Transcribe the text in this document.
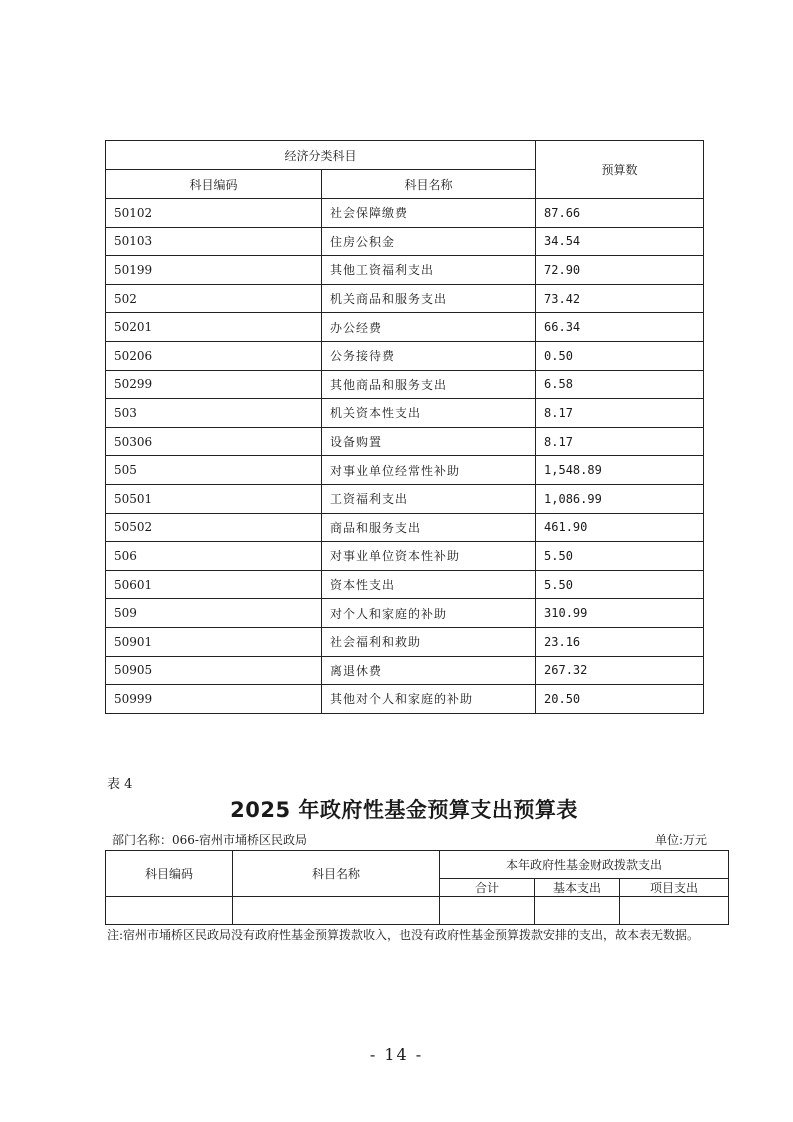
经济分类科目		预算数
科目编码	科目名称	
50102	社会保障缴费	87.66
50103	住房公积金	34.54
50199	其他工资福利支出	72.90
502	机关商品和服务支出	73.42
50201	办公经费	66.34
50206	公务接待费	0.50
50299	其他商品和服务支出	6.58
503	机关资本性支出	8.17
50306	设备购置	8.17
505	对事业单位经常性补助	1,548.89
50501	工资福利支出	1,086.99
50502	商品和服务支出	461.90
506	对事业单位资本性补助	5.50
50601	资本性支出	5.50
509	对个人和家庭的补助	310.99
50901	社会福利和救助	23.16
50905	离退休费	267.32
50999	其他对个人和家庭的补助	20.50
表 4
2025 年政府性基金预算支出预算表
部门名称：066-宿州市埇桥区民政局	单位:万元
科目编码	科目名称	本年政府性基金财政拨款支出		
		合计	基本支出	项目支出

注:宿州市埇桥区民政局没有政府性基金预算拨款收入，也没有政府性基金预算拨款安排的支出，故本表无数据。
- 14 -
